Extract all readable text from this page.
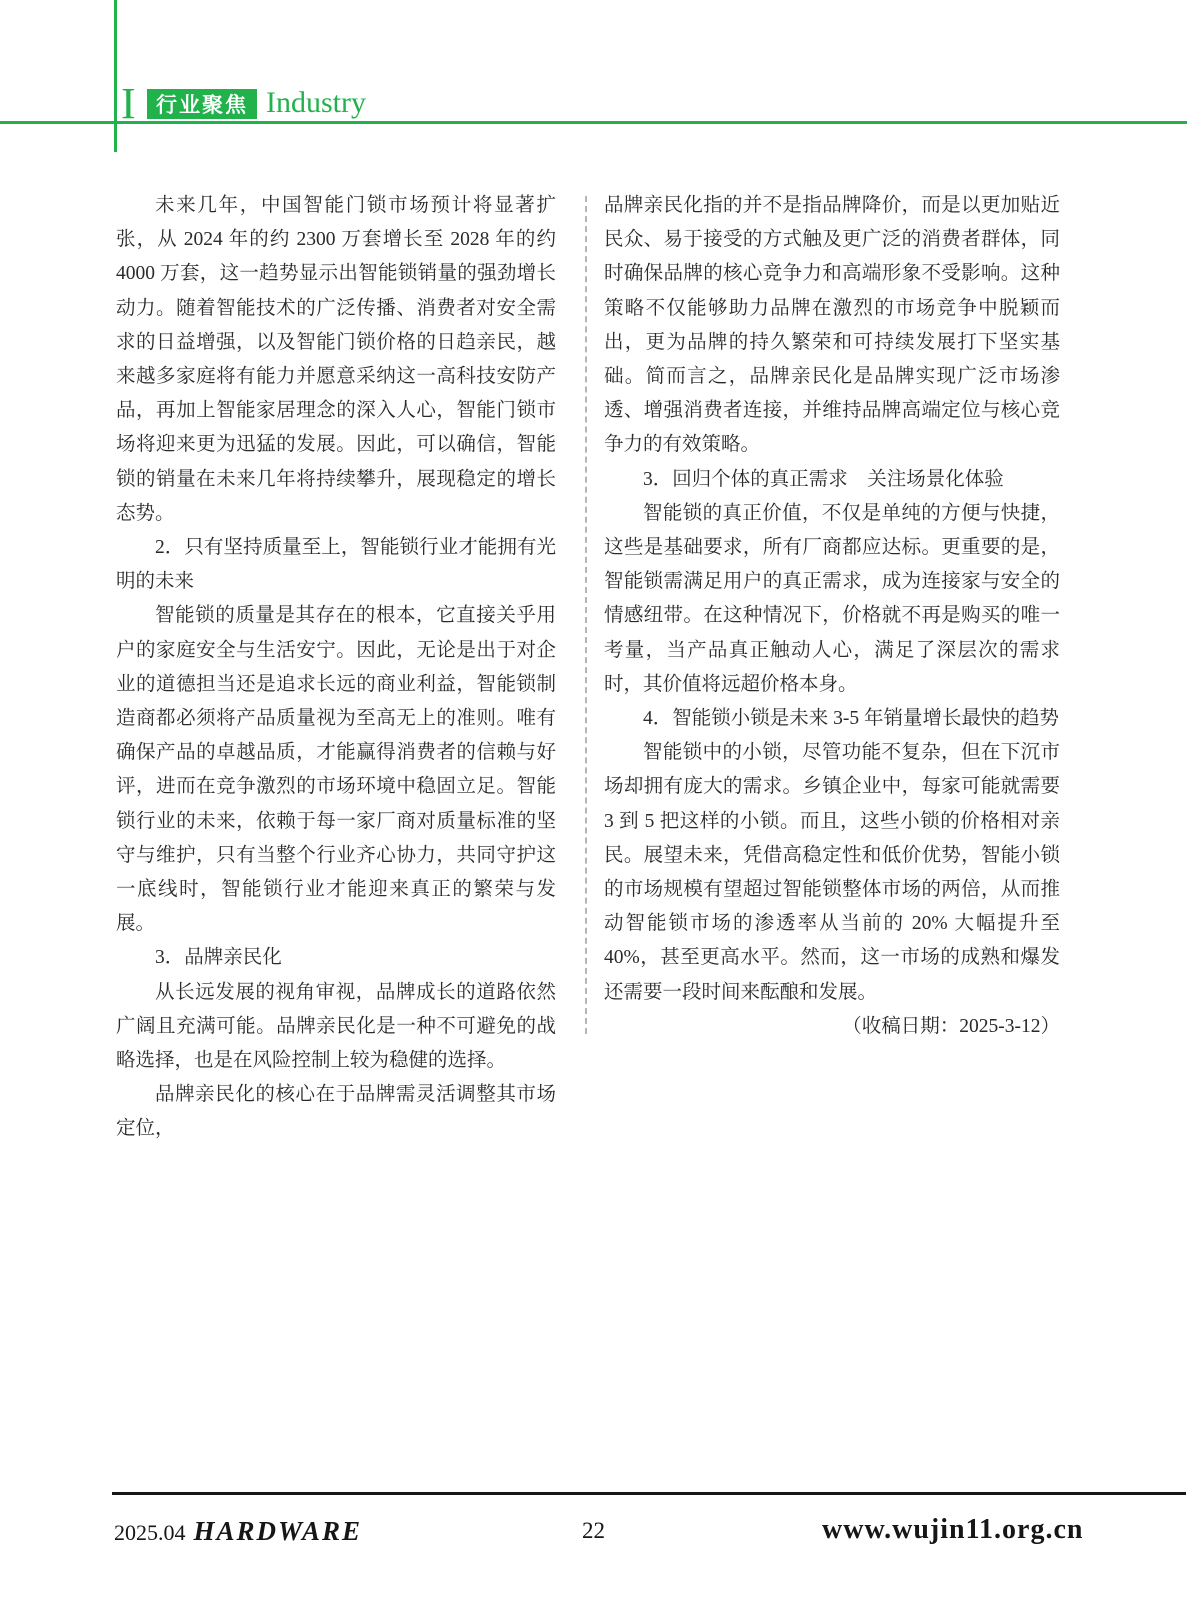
I 行业聚焦 Industry

未来几年，中国智能门锁市场预计将显著扩张，从 2024 年的约 2300 万套增长至 2028 年的约 4000 万套，这一趋势显示出智能锁销量的强劲增长动力。随着智能技术的广泛传播、消费者对安全需求的日益增强，以及智能门锁价格的日趋亲民，越来越多家庭将有能力并愿意采纳这一高科技安防产品，再加上智能家居理念的深入人心，智能门锁市场将迎来更为迅猛的发展。因此，可以确信，智能锁的销量在未来几年将持续攀升，展现稳定的增长态势。

2．只有坚持质量至上，智能锁行业才能拥有光明的未来

智能锁的质量是其存在的根本，它直接关乎用户的家庭安全与生活安宁。因此，无论是出于对企业的道德担当还是追求长远的商业利益，智能锁制造商都必须将产品质量视为至高无上的准则。唯有确保产品的卓越品质，才能赢得消费者的信赖与好评，进而在竞争激烈的市场环境中稳固立足。智能锁行业的未来，依赖于每一家厂商对质量标准的坚守与维护，只有当整个行业齐心协力，共同守护这一底线时，智能锁行业才能迎来真正的繁荣与发展。

3．品牌亲民化

从长远发展的视角审视，品牌成长的道路依然广阔且充满可能。品牌亲民化是一种不可避免的战略选择，也是在风险控制上较为稳健的选择。

品牌亲民化的核心在于品牌需灵活调整其市场定位，

品牌亲民化指的并不是指品牌降价，而是以更加贴近民众、易于接受的方式触及更广泛的消费者群体，同时确保品牌的核心竞争力和高端形象不受影响。这种策略不仅能够助力品牌在激烈的市场竞争中脱颖而出，更为品牌的持久繁荣和可持续发展打下坚实基础。简而言之，品牌亲民化是品牌实现广泛市场渗透、增强消费者连接，并维持品牌高端定位与核心竞争力的有效策略。

3．回归个体的真正需求　关注场景化体验

智能锁的真正价值，不仅是单纯的方便与快捷，这些是基础要求，所有厂商都应达标。更重要的是，智能锁需满足用户的真正需求，成为连接家与安全的情感纽带。在这种情况下，价格就不再是购买的唯一考量，当产品真正触动人心，满足了深层次的需求时，其价值将远超价格本身。

4．智能锁小锁是未来 3-5 年销量增长最快的趋势

智能锁中的小锁，尽管功能不复杂，但在下沉市场却拥有庞大的需求。乡镇企业中，每家可能就需要 3 到 5 把这样的小锁。而且，这些小锁的价格相对亲民。展望未来，凭借高稳定性和低价优势，智能小锁的市场规模有望超过智能锁整体市场的两倍，从而推动智能锁市场的渗透率从当前的 20% 大幅提升至 40%，甚至更高水平。然而，这一市场的成熟和爆发还需要一段时间来酝酿和发展。

（收稿日期：2025-3-12）

2025.04 HARDWARE	22	www.wujin11.org.cn
